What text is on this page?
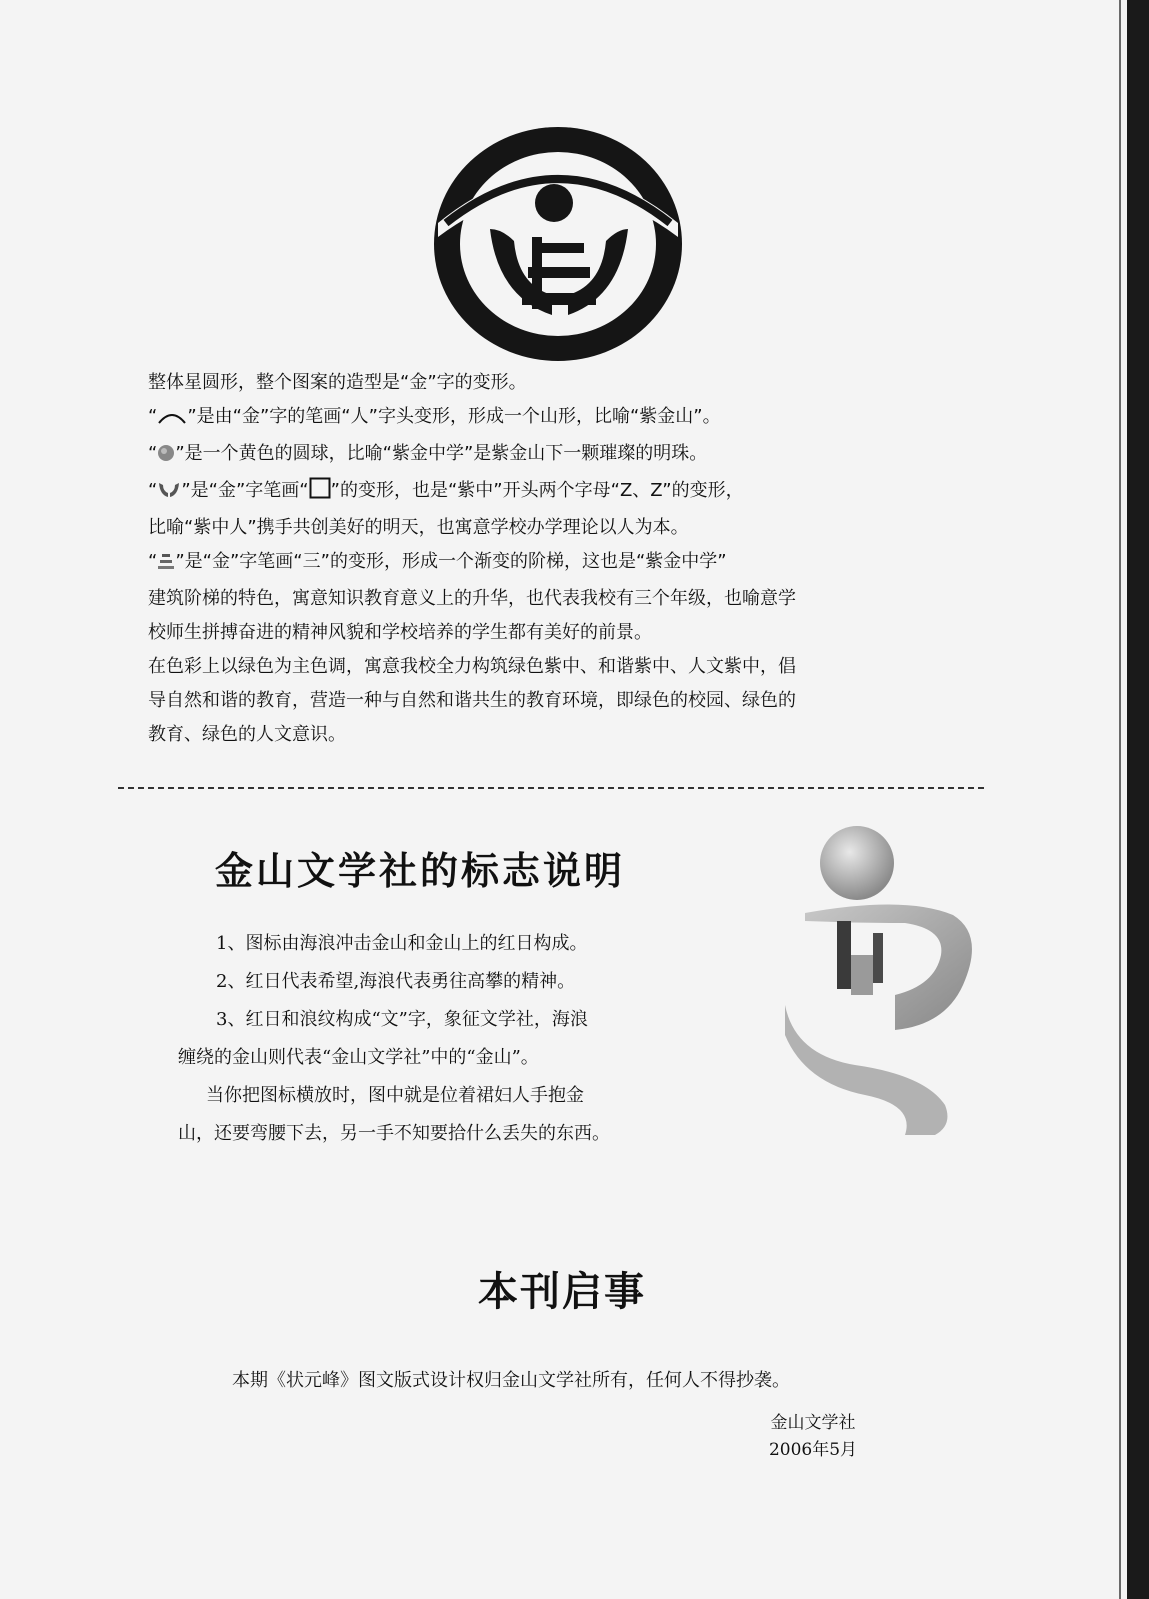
整体星圆形，整个图案的造型是“金”字的变形。

“ ”是由“金”字的笔画“人”字头变形，形成一个山形，比喻“紫金山”。

“ ”是一个黄色的圆球，比喻“紫金中学”是紫金山下一颗璀璨的明珠。

“ ”是“金”字笔画“ ”的变形，也是“紫中”开头两个字母“Z、Z”的变形，

比喻“紫中人”携手共创美好的明天，也寓意学校办学理论以人为本。

“ ”是“金”字笔画“三”的变形，形成一个渐变的阶梯，这也是“紫金中学”

建筑阶梯的特色，寓意知识教育意义上的升华，也代表我校有三个年级，也喻意学

校师生拼搏奋进的精神风貌和学校培养的学生都有美好的前景。

在色彩上以绿色为主色调，寓意我校全力构筑绿色紫中、和谐紫中、人文紫中，倡

导自然和谐的教育，营造一种与自然和谐共生的教育环境，即绿色的校园、绿色的

教育、绿色的人文意识。

金山文学社的标志说明

1、图标由海浪冲击金山和金山上的红日构成。

2、红日代表希望,海浪代表勇往高攀的精神。

3、红日和浪纹构成“文”字，象征文学社，海浪

缠绕的金山则代表“金山文学社”中的“金山”。

当你把图标横放时，图中就是位着裙妇人手抱金

山，还要弯腰下去，另一手不知要拾什么丢失的东西。

本刊启事
本期《状元峰》图文版式设计权归金山文学社所有，任何人不得抄袭。
金山文学社
2006年5月
